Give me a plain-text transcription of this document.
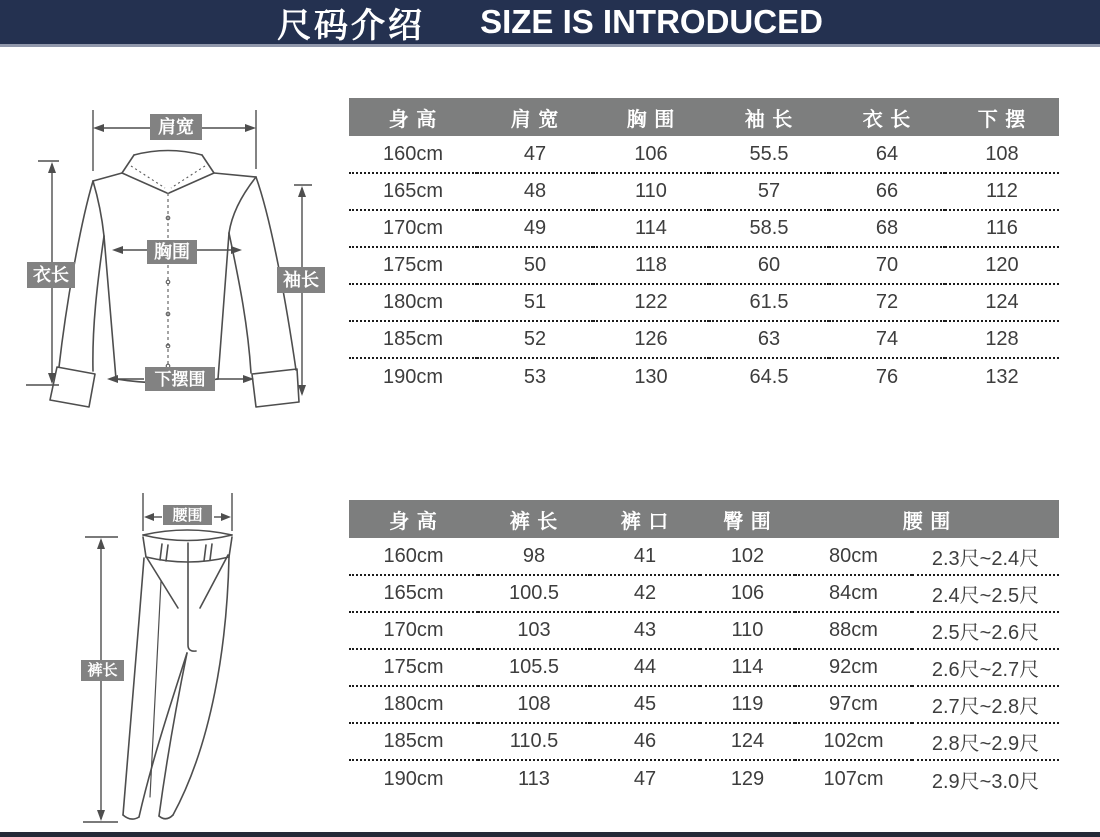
尺码介绍 SIZE IS INTRODUCED
肩宽
胸围
衣长	袖长
下摆围
腰围
裤长
身 高	肩 宽	胸 围	袖 长	衣 长	下 摆
160cm	47	106	55.5	64	108
165cm	48	110	57	66	112
170cm	49	114	58.5	68	116
175cm	50	118	60	70	120
180cm	51	122	61.5	72	124
185cm	52	126	63	74	128
190cm	53	130	64.5	76	132
身 高	裤 长	裤 口	臀 围	腰 围	
160cm	98	41	102	80cm	2.3尺~2.4尺
165cm	100.5	42	106	84cm	2.4尺~2.5尺
170cm	103	43	110	88cm	2.5尺~2.6尺
175cm	105.5	44	114	92cm	2.6尺~2.7尺
180cm	108	45	119	97cm	2.7尺~2.8尺
185cm	110.5	46	124	102cm	2.8尺~2.9尺
190cm	113	47	129	107cm	2.9尺~3.0尺
